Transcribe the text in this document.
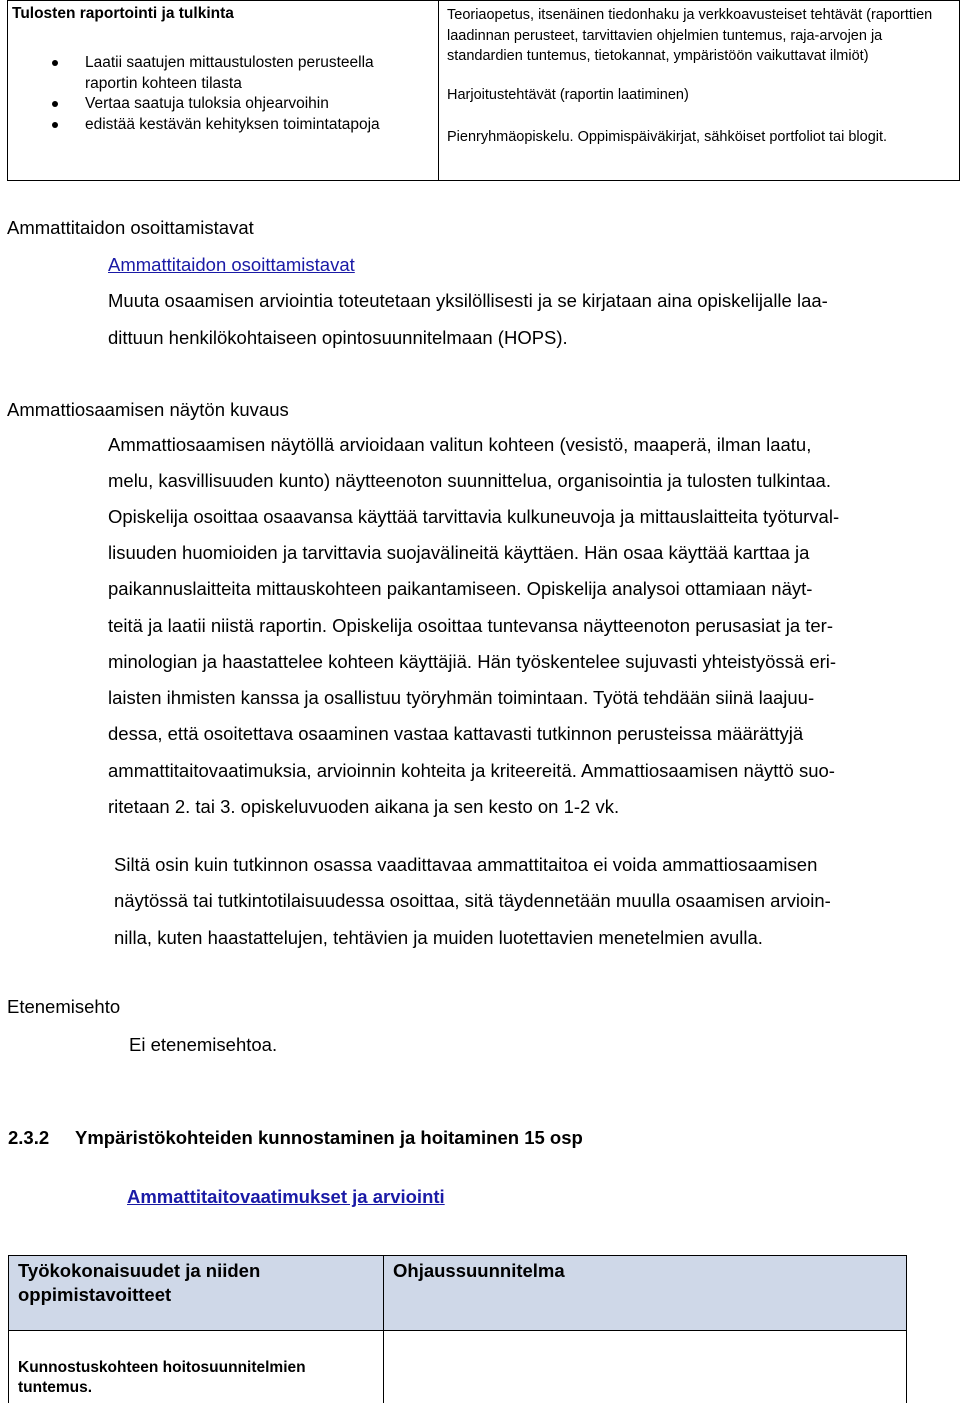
Tulosten raportointi ja tulkinta
Laatii saatujen mittaustulosten perusteella raportin kohteen tilasta
Vertaa saatuja tuloksia ohjearvoihin
edistää kestävän kehityksen toimintatapoja
Teoriaopetus, itsenäinen tiedonhaku ja verkkoavusteiset tehtävät (raporttien laadinnan perusteet, tarvittavien ohjelmien tuntemus, raja-arvojen ja standardien tuntemus, tietokannat, ympäristöön vaikuttavat ilmiöt)
Harjoitustehtävät (raportin laatiminen)
Pienryhmäopiskelu. Oppimispäiväkirjat, sähköiset portfoliot tai blogit.
Ammattitaidon osoittamistavat
Ammattitaidon osoittamistavat
Muuta osaamisen arviointia toteutetaan yksilöllisesti ja se kirjataan aina opiskelijalle laa-
dittuun henkilökohtaiseen opintosuunnitelmaan (HOPS).
Ammattiosaamisen näytön kuvaus
Ammattiosaamisen näytöllä arvioidaan valitun kohteen (vesistö, maaperä, ilman laatu,
melu, kasvillisuuden kunto) näytteenoton suunnittelua, organisointia ja tulosten tulkintaa.
Opiskelija osoittaa osaavansa käyttää tarvittavia kulkuneuvoja ja mittauslaitteita työturval-
lisuuden huomioiden ja tarvittavia suojavälineitä käyttäen. Hän osaa käyttää karttaa ja
paikannuslaitteita mittauskohteen paikantamiseen. Opiskelija analysoi ottamiaan näyt-
teitä ja laatii niistä raportin. Opiskelija osoittaa tuntevansa näytteenoton perusasiat ja ter-
minologian ja haastattelee kohteen käyttäjiä. Hän työskentelee sujuvasti yhteistyössä eri-
laisten ihmisten kanssa ja osallistuu työryhmän toimintaan. Työtä tehdään siinä laajuu-
dessa, että osoitettava osaaminen vastaa kattavasti tutkinnon perusteissa määrättyjä
ammattitaitovaatimuksia, arvioinnin kohteita ja kriteereitä. Ammattiosaamisen näyttö suo-
ritetaan 2. tai 3. opiskeluvuoden aikana ja sen kesto on 1-2 vk.
Siltä osin kuin tutkinnon osassa vaadittavaa ammattitaitoa ei voida ammattiosaamisen
näytössä tai tutkintotilaisuudessa osoittaa, sitä täydennetään muulla osaamisen arvioin-
nilla, kuten haastattelujen, tehtävien ja muiden luotettavien menetelmien avulla.
Etenemisehto
Ei etenemisehtoa.
2.3.2 Ympäristökohteiden kunnostaminen ja hoitaminen 15 osp
Ammattitaitovaatimukset ja arviointi
Työkokonaisuudet ja niiden oppimistavoitteet
Ohjaussuunnitelma
Kunnostuskohteen hoitosuunnitelmien tuntemus.
